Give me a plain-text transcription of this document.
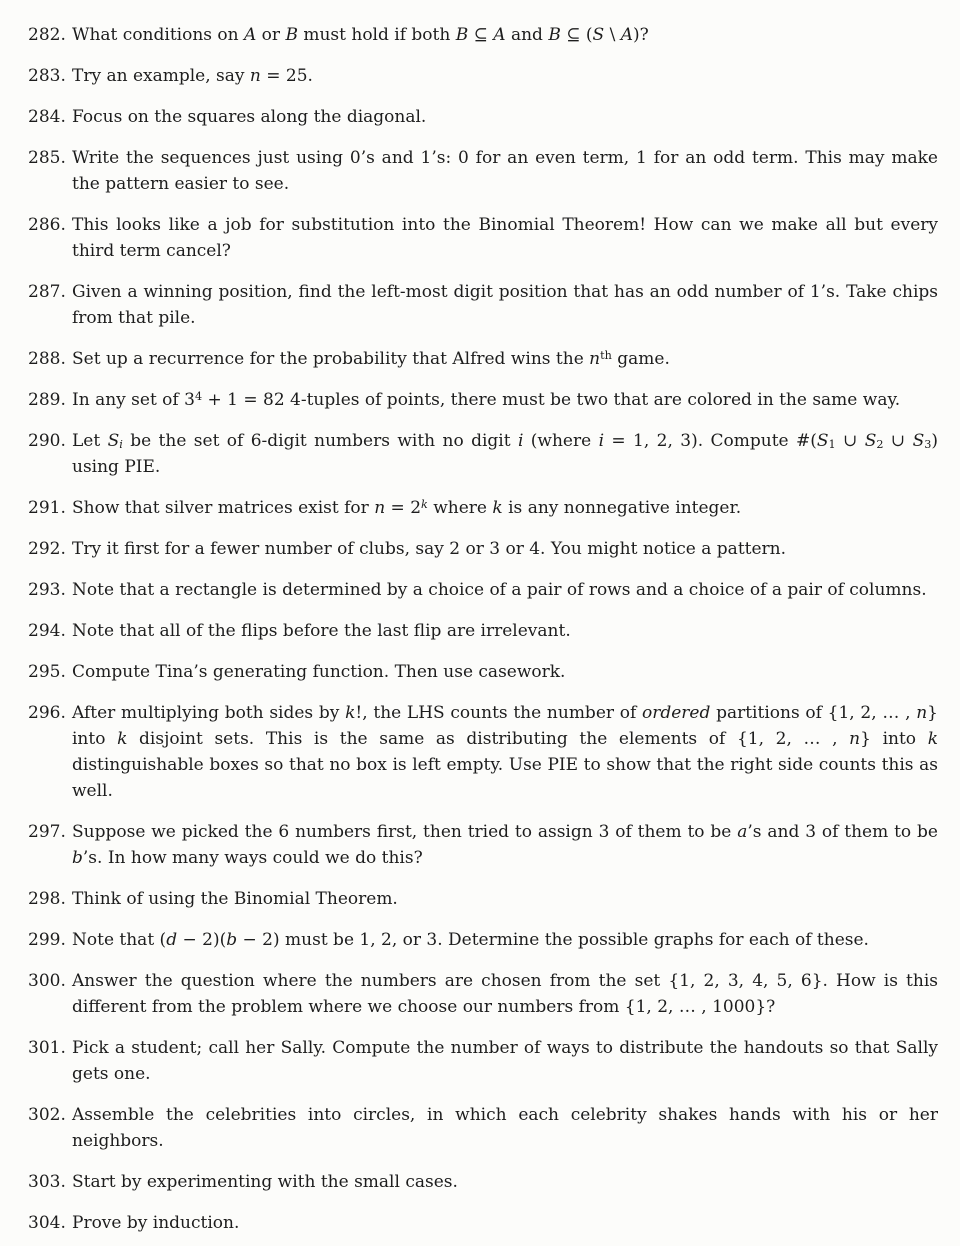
282. What conditions on A or B must hold if both B ⊆ A and B ⊆ (S \ A)?
283. Try an example, say n = 25.
284. Focus on the squares along the diagonal.
285. Write the sequences just using 0’s and 1’s: 0 for an even term, 1 for an odd term. This may make the pattern easier to see.
286. This looks like a job for substitution into the Binomial Theorem! How can we make all but every third term cancel?
287. Given a winning position, find the left-most digit position that has an odd number of 1’s. Take chips from that pile.
288. Set up a recurrence for the probability that Alfred wins the $n^{th}$ game.
289. In any set of $3^4 + 1 = 82$ 4-tuples of points, there must be two that are colored in the same way.
290. Let $S_i$ be the set of 6-digit numbers with no digit i (where i = 1, 2, 3). Compute $\#(S_1$ ∪ $S_2$ ∪ $S_3$) using PIE.
291. Show that silver matrices exist for $n = 2^k$ where k is any nonnegative integer.
292. Try it first for a fewer number of clubs, say 2 or 3 or 4. You might notice a pattern.
293. Note that a rectangle is determined by a choice of a pair of rows and a choice of a pair of columns.
294. Note that all of the flips before the last flip are irrelevant.
295. Compute Tina’s generating function. Then use casework.
296. After multiplying both sides by k!, the LHS counts the number of ordered partitions of {1, 2, … , n} into k disjoint sets. This is the same as distributing the elements of {1, 2, … , n} into k distinguishable boxes so that no box is left empty. Use PIE to show that the right side counts this as well.
297. Suppose we picked the 6 numbers first, then tried to assign 3 of them to be a’s and 3 of them to be b’s. In how many ways could we do this?
298. Think of using the Binomial Theorem.
299. Note that (d − 2)(b − 2) must be 1, 2, or 3. Determine the possible graphs for each of these.
300. Answer the question where the numbers are chosen from the set {1, 2, 3, 4, 5, 6}. How is this different from the problem where we choose our numbers from {1, 2, … , 1000}?
301. Pick a student; call her Sally. Compute the number of ways to distribute the handouts so that Sally gets one.
302. Assemble the celebrities into circles, in which each celebrity shakes hands with his or her neighbors.
303. Start by experimenting with the small cases.
304. Prove by induction.
